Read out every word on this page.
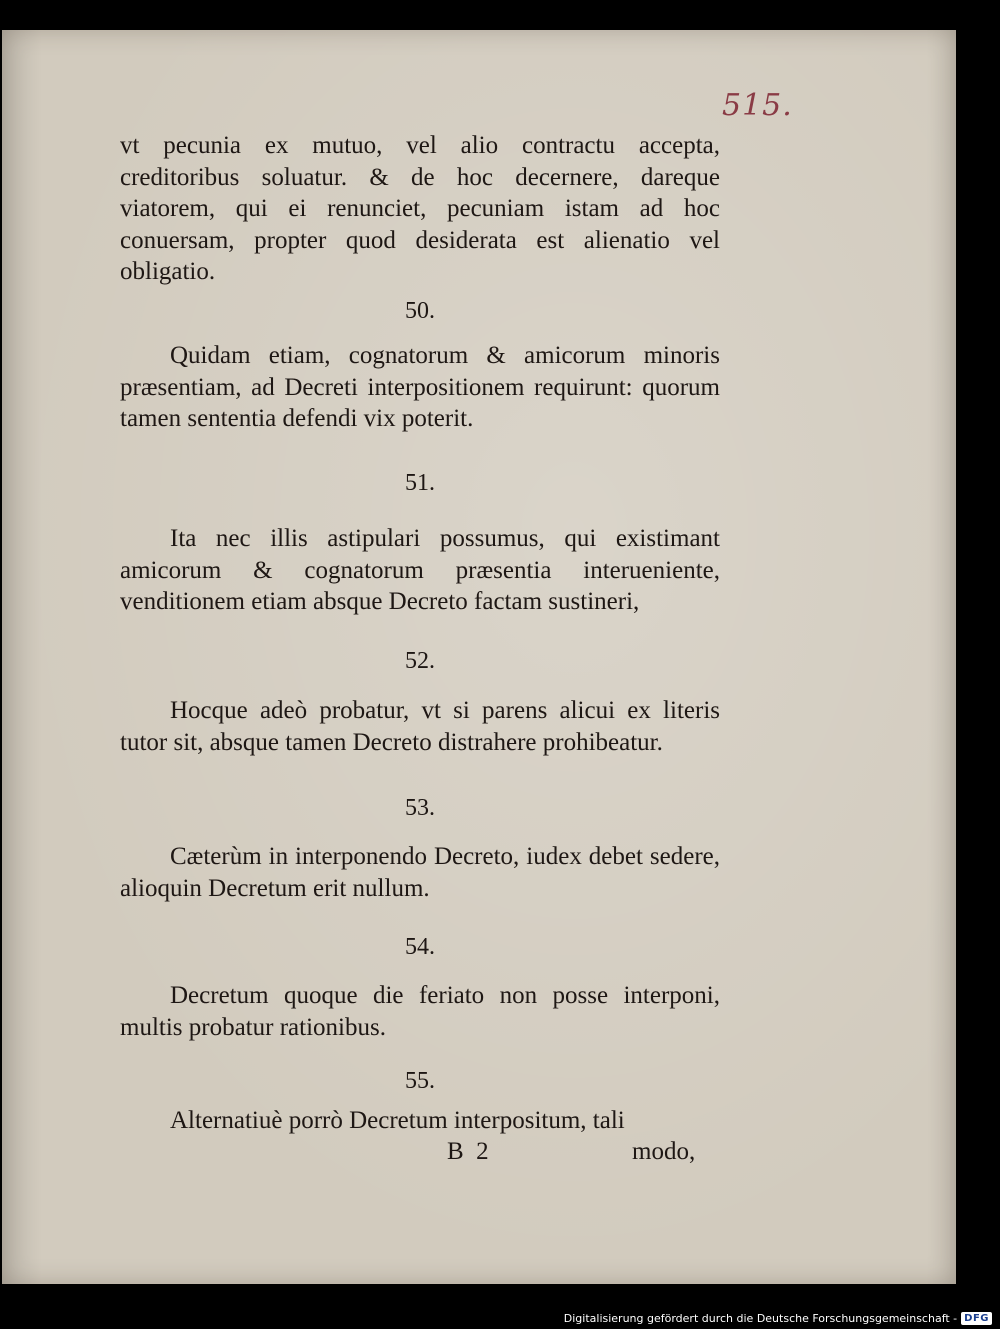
515.
vt pecunia ex mutuo, vel alio contractu accepta, creditoribus soluatur. & de hoc decernere, dareque viatorem, qui ei renunciet, pecuniam istam ad hoc conuersam, propter quod desiderata est alienatio vel obligatio.
50.
Quidam etiam, cognatorum & amicorum minoris præsentiam, ad Decreti interpositionem requirunt: quorum tamen sententia defendi vix poterit.
51.
Ita nec illis astipulari possumus, qui existimant amicorum & cognatorum præsentia interueniente, venditionem etiam absque Decreto factam sustineri,
52.
Hocque adeò probatur, vt si parens alicui ex literis tutor sit, absque tamen Decreto distrahere prohibeatur.
53.
Cæterùm in interponendo Decreto, iudex debet sedere, alioquin Decretum erit nullum.
54.
Decretum quoque die feriato non posse interponi, multis probatur rationibus.
55.
Alternatiuè porrò Decretum interpositum, tali
B  2	modo,
Digitalisierung gefördert durch die Deutsche Forschungsgemeinschaft - DFG
